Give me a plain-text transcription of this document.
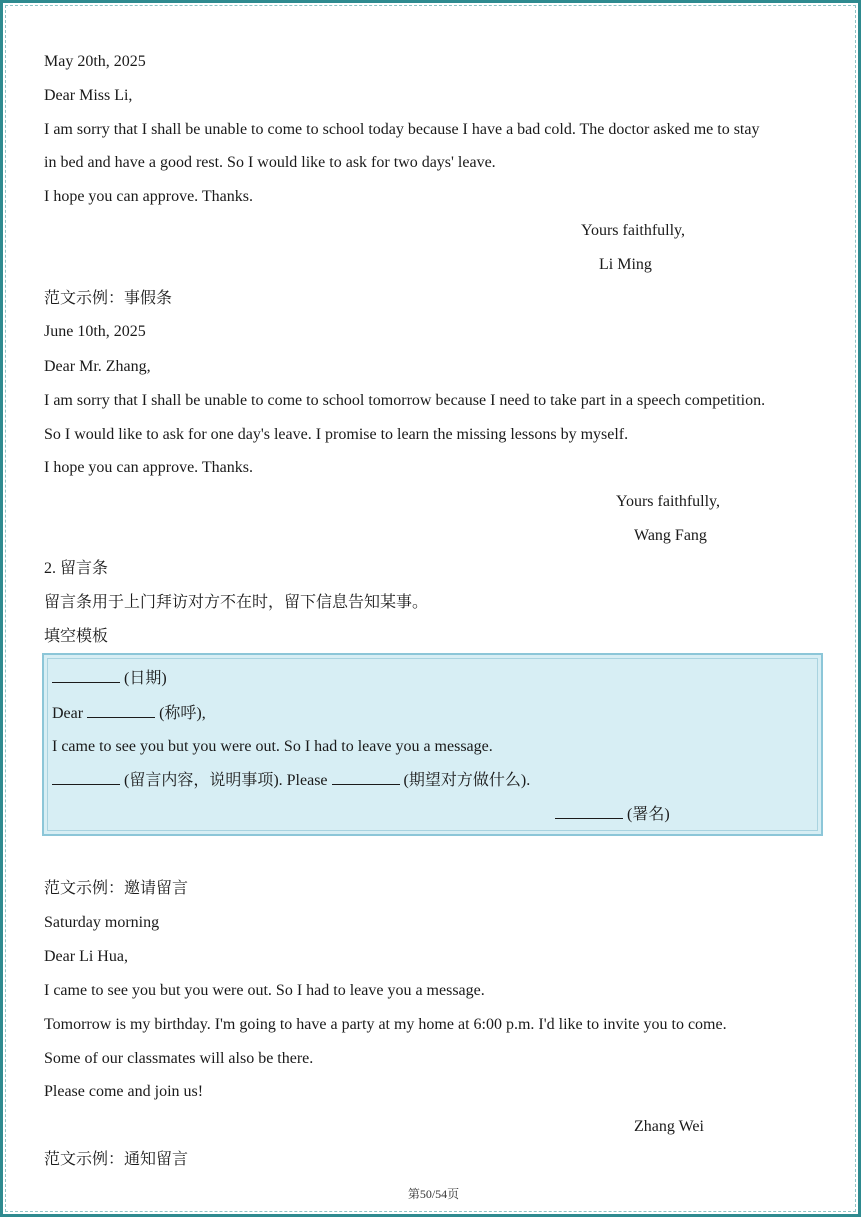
May 20th, 2025
Dear Miss Li,
I am sorry that I shall be unable to come to school today because I have a bad cold. The doctor asked me to stay
in bed and have a good rest. So I would like to ask for two days' leave.
I hope you can approve. Thanks.
Yours faithfully,
Li Ming
范文示例：事假条
June 10th, 2025
Dear Mr. Zhang,
I am sorry that I shall be unable to come to school tomorrow because I need to take part in a speech competition.
So I would like to ask for one day's leave. I promise to learn the missing lessons by myself.
I hope you can approve. Thanks.
Yours faithfully,
Wang Fang
2. 留言条
留言条用于上门拜访对方不在时，留下信息告知某事。
填空模板
(日期)
Dear	(称呼),
I came to see you but you were out. So I had to leave you a message.
(留言内容，说明事项). Please	(期望对方做什么).
(署名)
范文示例：邀请留言
Saturday morning
Dear Li Hua,
I came to see you but you were out. So I had to leave you a message.
Tomorrow is my birthday. I'm going to have a party at my home at 6:00 p.m. I'd like to invite you to come.
Some of our classmates will also be there.
Please come and join us!
Zhang Wei
范文示例：通知留言
第50/54页
